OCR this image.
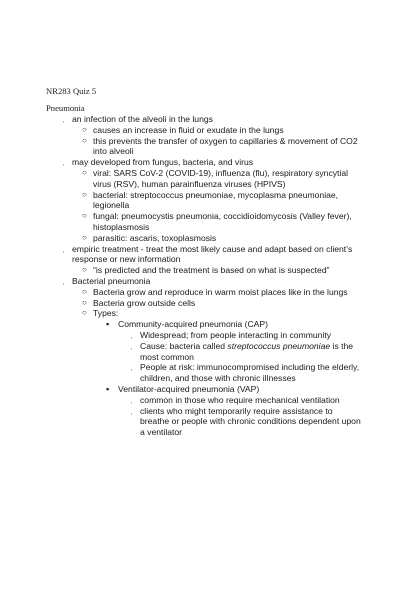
NR283 Quiz 5
Pneumonia
ˌ an infection of the alveoli in the lungs
○ causes an increase in fluid or exudate in the lungs
○ this prevents the transfer of oxygen to capillaries & movement of CO2 into alveoli
ˌ may developed from fungus, bacteria, and virus
○ viral: SARS CoV-2 (COVID-19), influenza (flu), respiratory syncytial virus (RSV), human parainfluenza viruses (HPIVS)
○ bacterial: streptococcus pneumoniae, mycoplasma pneumoniae, legionella
○ fungal: pneumocystis pneumonia, coccidioidomycosis (Valley fever), histoplasmosis
○ parasitic: ascaris, toxoplasmosis
ˌ empiric treatment - treat the most likely cause and adapt based on client’s response or new information
○ “is predicted and the treatment is based on what is suspected”
ˌ Bacterial pneumonia
○ Bacteria grow and reproduce in warm moist places like in the lungs
○ Bacteria grow outside cells
○ Types:
▪ Community-acquired pneumonia (CAP)
ˌ Widespread; from people interacting in community
ˌ Cause: bacteria called streptococcus pneumoniae is the most common
ˌ People at risk: immunocompromised including the elderly, children, and those with chronic illnesses
▪ Ventilator-acquired pneumonia (VAP)
ˌ common in those who require mechanical ventilation
ˌ clients who might temporarily require assistance to breathe or people with chronic conditions dependent upon a ventilator
